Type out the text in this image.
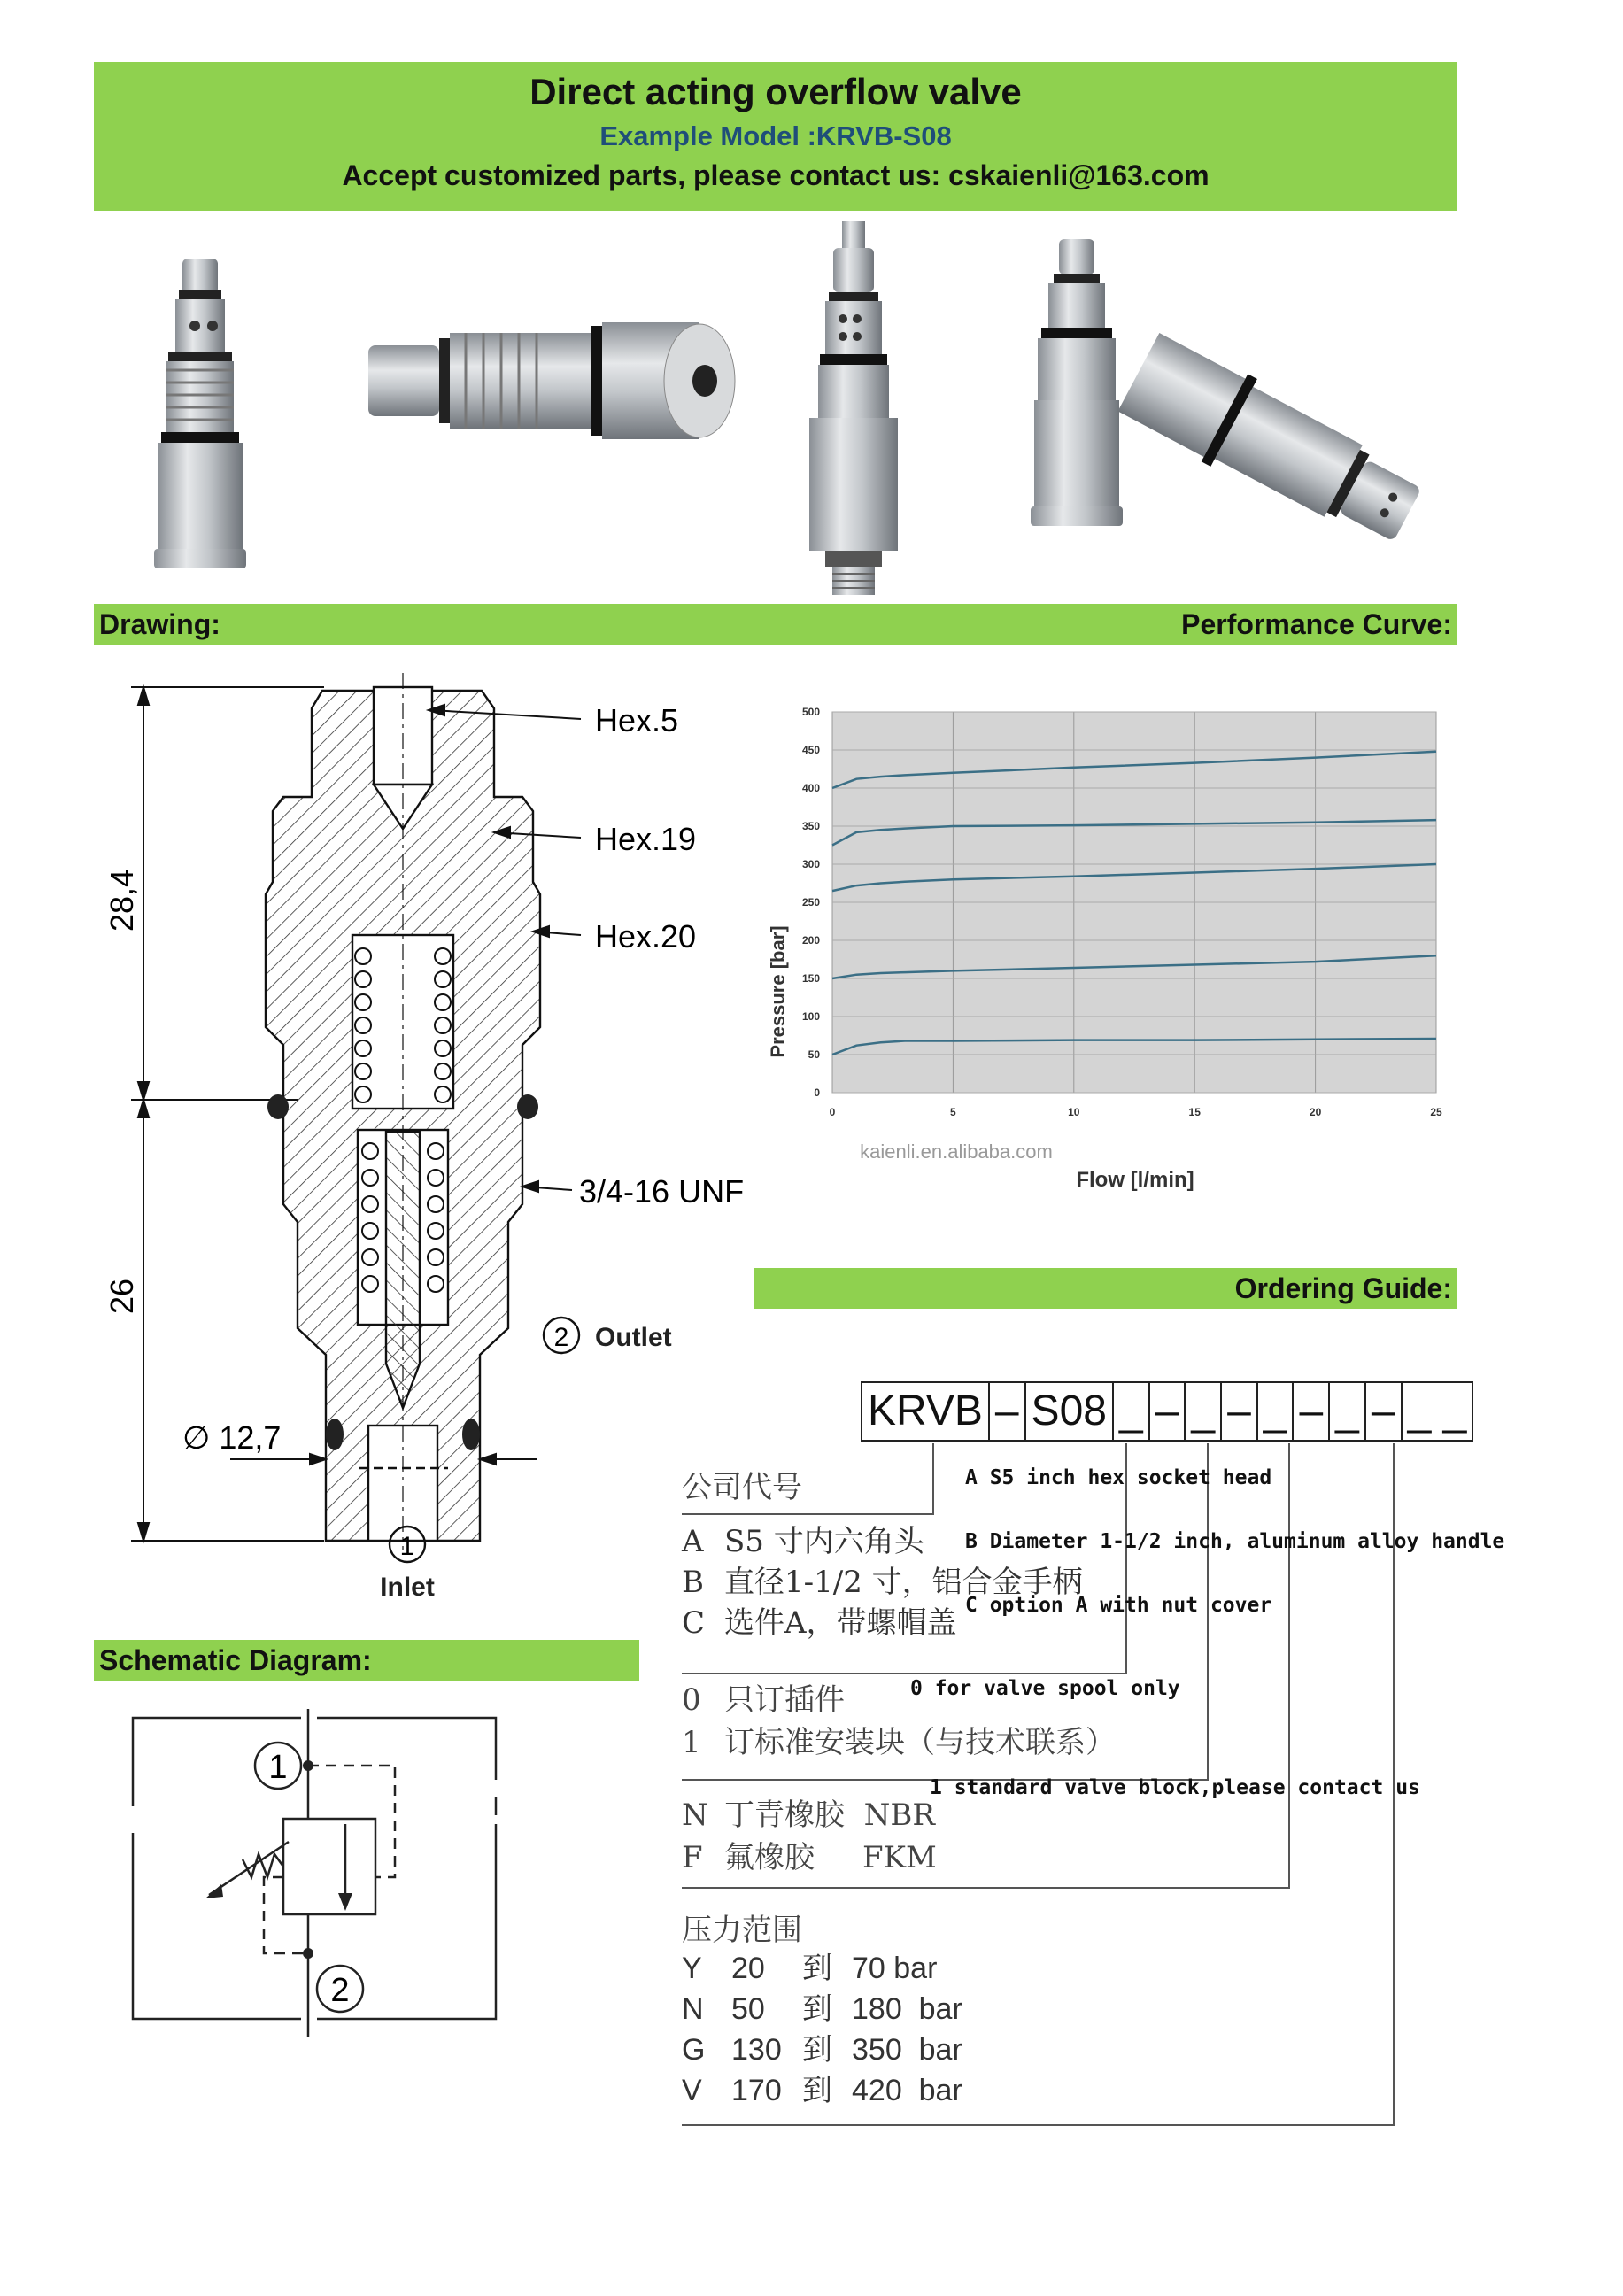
Direct acting overflow valve
Example Model :KRVB-S08
Accept customized parts, please contact us: cskaienli@163.com
Drawing:	Performance Curve:
Hex.5
Hex.19
Hex.20
3/4-16 UNF
28,4
26
∅ 12,7
2 Outlet
1
Inlet
Flow [l/min]
kaienli.en.alibaba.com
0	5	10	15	20	25
0
50
100
150
200
250
300
350
400
450
500
Pressure [bar]
Ordering Guide:
KRVB – S08 _ – _ – _ – _ – _ _
公司代号
A S5 寸内六角头
B 直径1-1/2 寸，铝合金手柄
C 选件A，带螺帽盖
A S5 inch hex socket head
B Diameter 1-1/2 inch, aluminum alloy handle
C option A with nut cover
0 只订插件
1 订标准安装块（与技术联系）
0 for valve spool only
1 standard valve block,please contact us
N 丁青橡胶  NBR
F 氟橡胶     FKM
压力范围
Y 20 到 70 bar
N 50 到 180  bar
G 130 到 350  bar
V 170 到 420  bar
Schematic Diagram:
1
2
